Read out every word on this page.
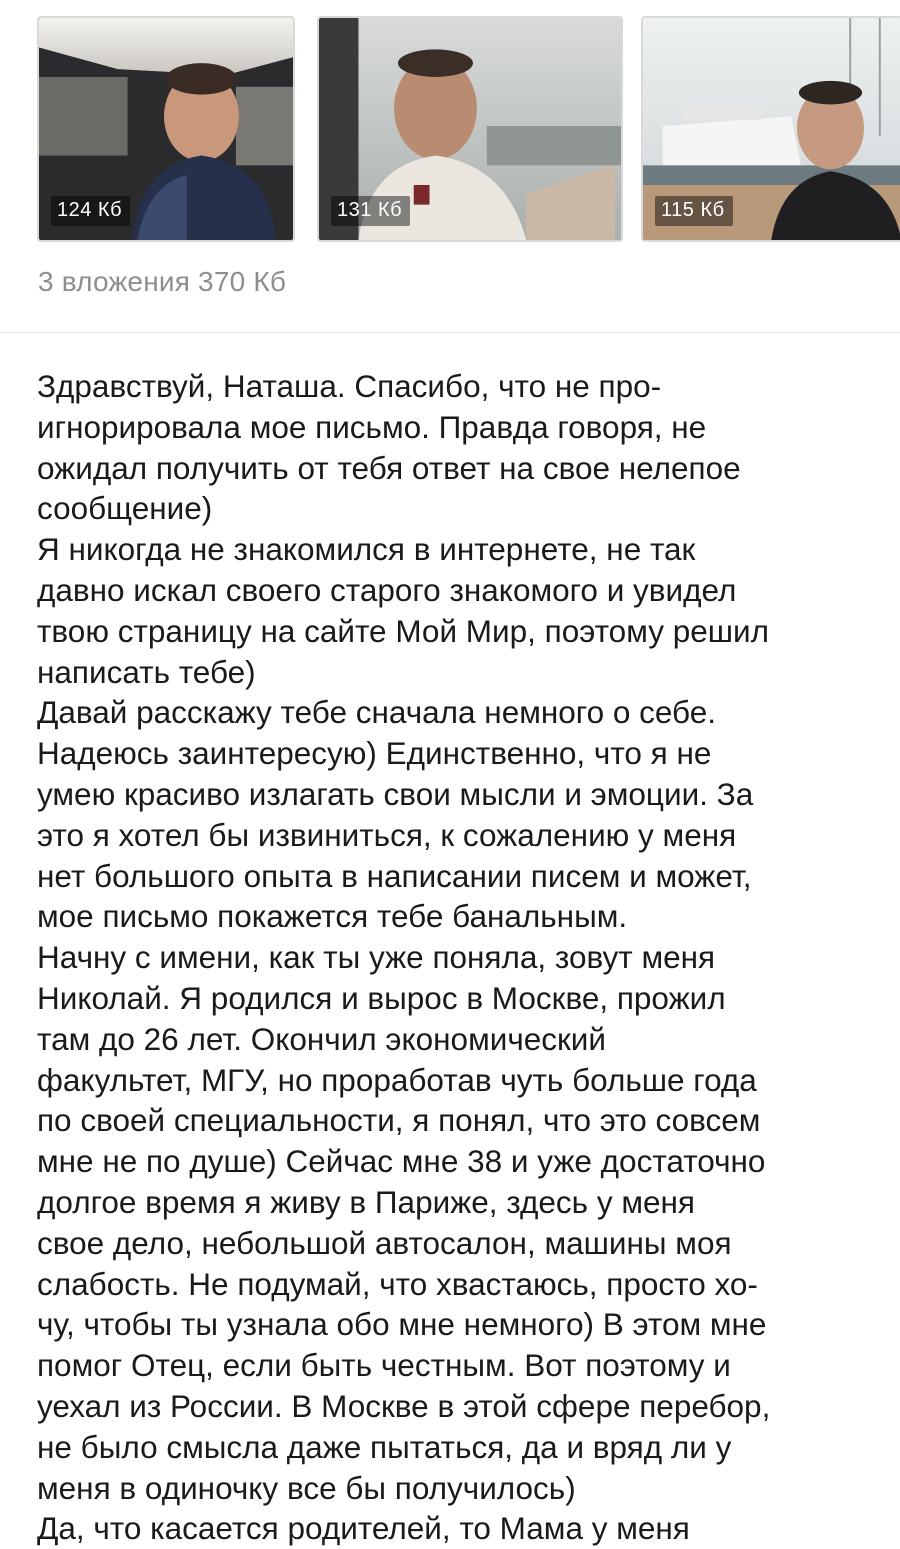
124 Кб	131 Кб	115 Кб
3 вложения 370 Кб
Здравствуй, Наташа. Спасибо, что не про-
игнорировала мое письмо. Правда говоря, не
ожидал получить от тебя ответ на свое нелепое
сообщение)
Я никогда не знакомился в интернете, не так
давно искал своего старого знакомого и увидел
твою страницу на сайте Мой Мир, поэтому решил
написать тебе)
Давай расскажу тебе сначала немного о себе.
Надеюсь заинтересую) Единственно, что я не
умею красиво излагать свои мысли и эмоции. За
это я хотел бы извиниться, к сожалению у меня
нет большого опыта в написании писем и может,
мое письмо покажется тебе банальным.
Начну с имени, как ты уже поняла, зовут меня
Николай. Я родился и вырос в Москве, прожил
там до 26 лет. Окончил экономический
факультет, МГУ, но проработав чуть больше года
по своей специальности, я понял, что это совсем
мне не по душе) Сейчас мне 38 и уже достаточно
долгое время я живу в Париже, здесь у меня
свое дело, небольшой автосалон, машины моя
слабость. Не подумай, что хвастаюсь, просто хо-
чу, чтобы ты узнала обо мне немного) В этом мне
помог Отец, если быть честным. Вот поэтому и
уехал из России. В Москве в этой сфере перебор,
не было смысла даже пытаться, да и вряд ли у
меня в одиночку все бы получилось)
Да, что касается родителей, то Мама у меня
